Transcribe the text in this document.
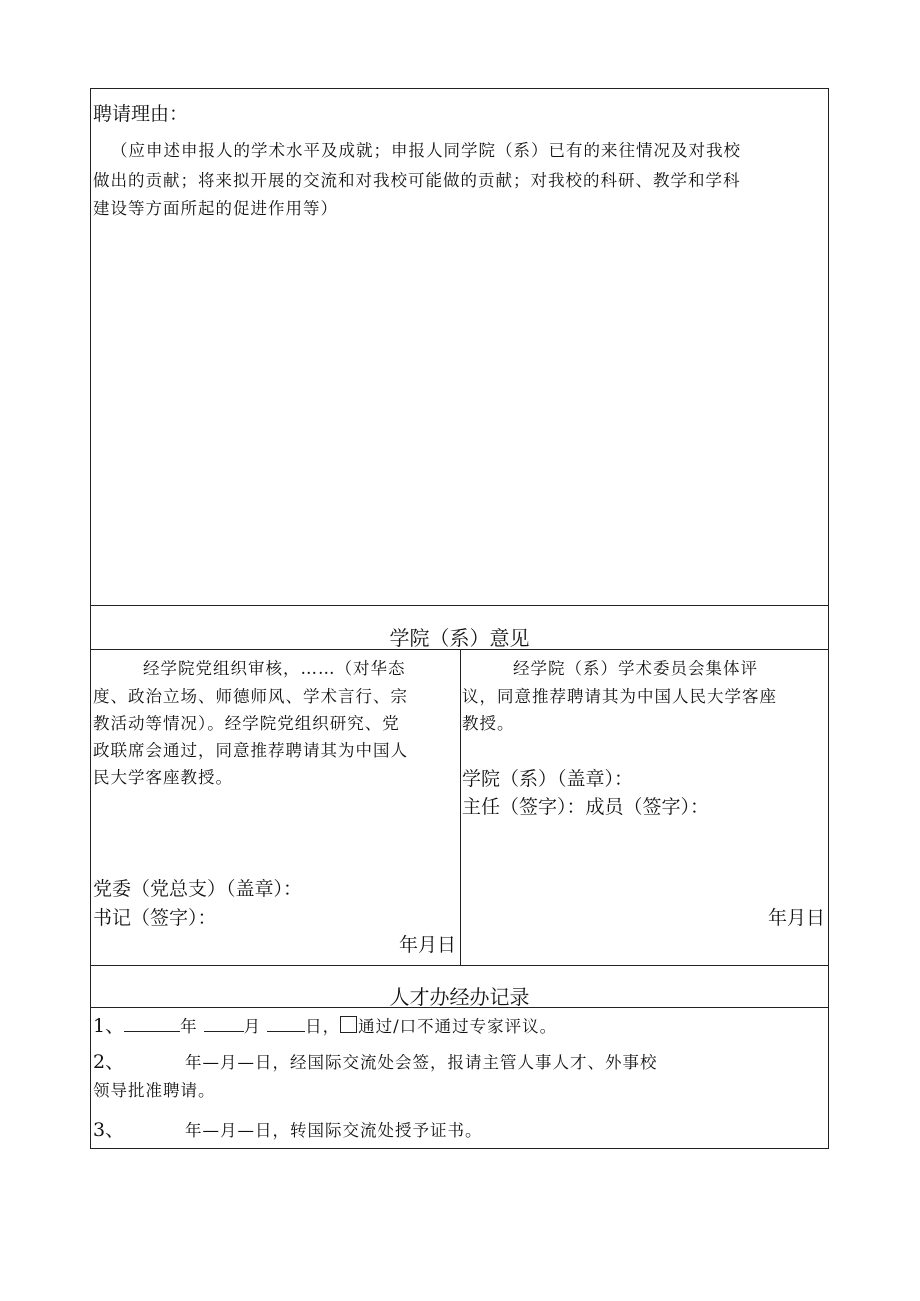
聘请理由：
（应申述申报人的学术水平及成就；申报人同学院（系）已有的来往情况及对我校
做出的贡献；将来拟开展的交流和对我校可能做的贡献；对我校的科研、教学和学科
建设等方面所起的促进作用等）
学院（系）意见
经学院党组织审核，……（对华态
度、政治立场、师德师风、学术言行、宗
教活动等情况）。经学院党组织研究、党
政联席会通过，同意推荐聘请其为中国人
民大学客座教授。
党委（党总支）（盖章）：
书记（签字）：
年月日
经学院（系）学术委员会集体评
议，同意推荐聘请其为中国人民大学客座
教授。
学院（系）（盖章）：
主任（签字）：成员（签字）：
年月日
人才办经办记录
1、	年	月	日， 通过/口不通过专家评议。
2、	年—月—日，经国际交流处会签，报请主管人事人才、外事校
领导批准聘请。
3、	年—月—日，转国际交流处授予证书。
